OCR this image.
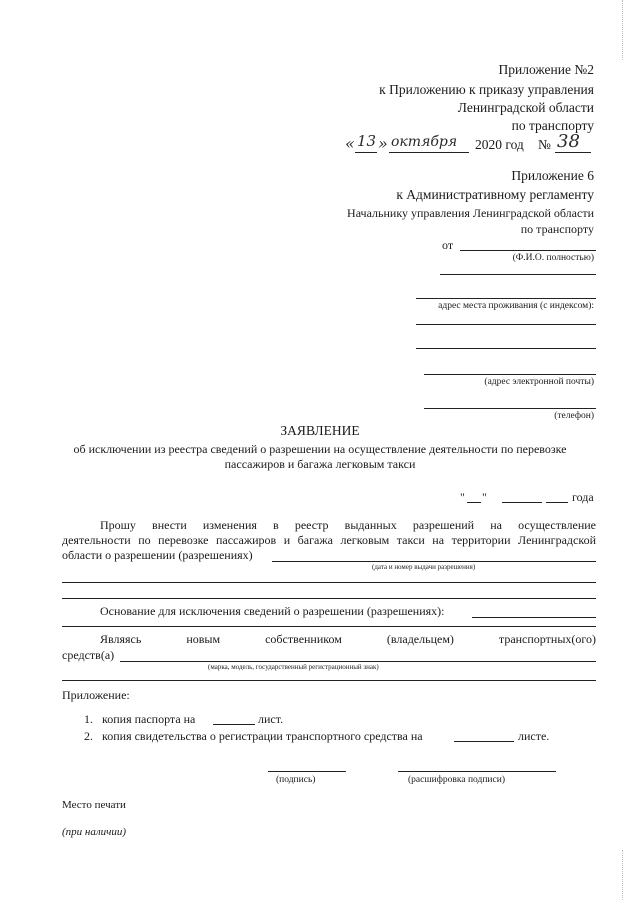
Приложение №2
к Приложению к приказу управления
Ленинградской области
по транспорту
« 13 » октября 2020 год № 38
Приложение 6
к Административному регламенту
Начальнику управления Ленинградской области
по транспорту
от
(Ф.И.О. полностью)
адрес места проживания (с индексом):
(адрес электронной почты)
(телефон)
ЗАЯВЛЕНИЕ
об исключении из реестра сведений о разрешении на осуществление деятельности по перевозке
пассажиров и багажа легковым такси
" "	года
Прошу внести изменения в реестр выданных разрешений на осуществление
деятельности по перевозке пассажиров и багажа легковым такси на территории Ленинградской
области о разрешении (разрешениях)
(дата и номер выдачи разрешения)
Основание для исключения сведений о разрешении (разрешениях):
Являясь новым собственником (владельцем) транспортных(ого)
средств(а)
(марка, модель, государственный регистрационный знак)
Приложение:
1. копия паспорта на	лист.
2. копия свидетельства о регистрации транспортного средства на	листе.
(подпись)	(расшифровка подписи)
Место печати
(при наличии)
